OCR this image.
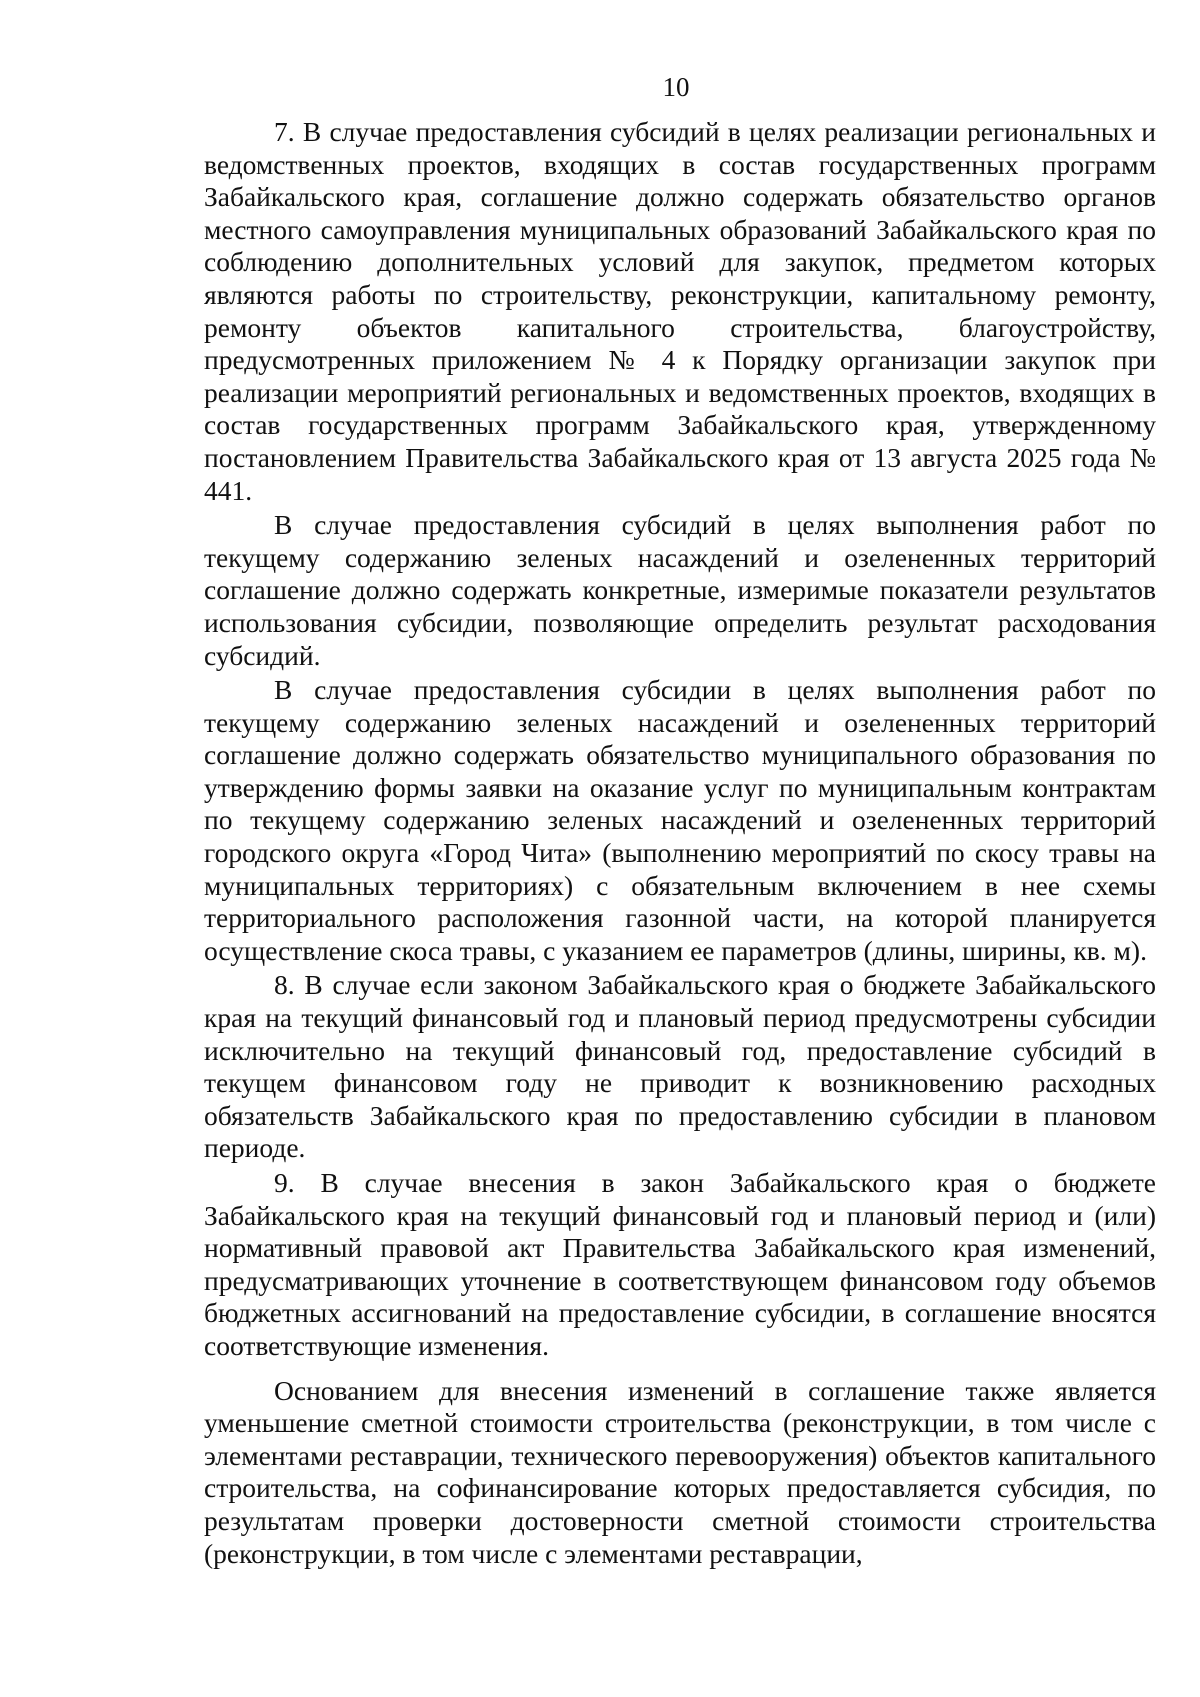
10

7. В случае предоставления субсидий в целях реализации региональных и ведомственных проектов, входящих в состав государственных программ Забайкальского края, соглашение должно содержать обязательство органов местного самоуправления муниципальных образований Забайкальского края по соблюдению дополнительных условий для закупок, предметом которых являются работы по строительству, реконструкции, капитальному ремонту, ремонту объектов капитального строительства, благоустройству, предусмотренных приложением № 4 к Порядку организации закупок при реализации мероприятий региональных и ведомственных проектов, входящих в состав государственных программ Забайкальского края, утвержденному постановлением Правительства Забайкальского края от 13 августа 2025 года № 441.

В случае предоставления субсидий в целях выполнения работ по текущему содержанию зеленых насаждений и озелененных территорий соглашение должно содержать конкретные, измеримые показатели результатов использования субсидии, позволяющие определить результат расходования субсидий.

В случае предоставления субсидии в целях выполнения работ по текущему содержанию зеленых насаждений и озелененных территорий соглашение должно содержать обязательство муниципального образования по утверждению формы заявки на оказание услуг по муниципальным контрактам по текущему содержанию зеленых насаждений и озелененных территорий городского округа «Город Чита» (выполнению мероприятий по скосу травы на муниципальных территориях) с обязательным включением в нее схемы территориального расположения газонной части, на которой планируется осуществление скоса травы, с указанием ее параметров (длины, ширины, кв. м).

8. В случае если законом Забайкальского края о бюджете Забайкальского края на текущий финансовый год и плановый период предусмотрены субсидии исключительно на текущий финансовый год, предоставление субсидий в текущем финансовом году не приводит к возникновению расходных обязательств Забайкальского края по предоставлению субсидии в плановом периоде.

9. В случае внесения в закон Забайкальского края о бюджете Забайкальского края на текущий финансовый год и плановый период и (или) нормативный правовой акт Правительства Забайкальского края изменений, предусматривающих уточнение в соответствующем финансовом году объемов бюджетных ассигнований на предоставление субсидии, в соглашение вносятся соответствующие изменения.

Основанием для внесения изменений в соглашение также является уменьшение сметной стоимости строительства (реконструкции, в том числе с элементами реставрации, технического перевооружения) объектов капитального строительства, на софинансирование которых предоставляется субсидия, по результатам проверки достоверности сметной стоимости строительства (реконструкции, в том числе с элементами реставрации,
